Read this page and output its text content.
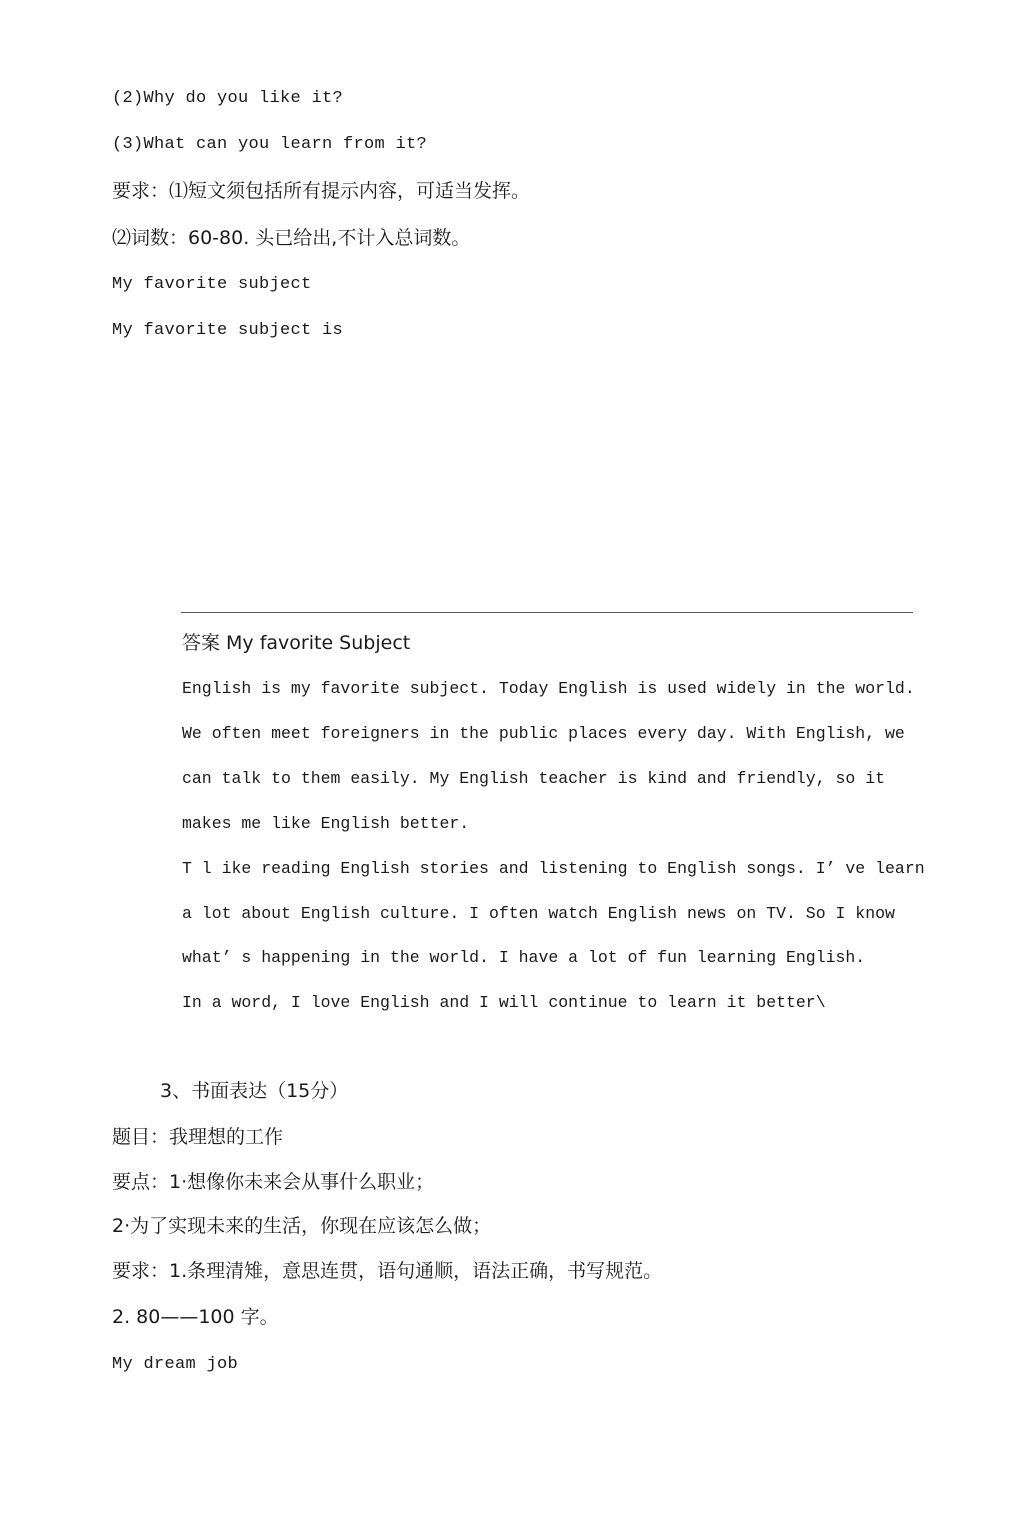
(2)Why do you like it?
(3)What can you learn from it?
要求：⑴短文须包括所有提示内容，可适当发挥。
⑵词数：60-80. 头已给出,不计入总词数。
My favorite subject
My favorite subject is
答案 My favorite Subject
English is my favorite subject. Today English is used widely in the world.
We often meet foreigners in the public places every day. With English, we
can talk to them easily. My English teacher is kind and friendly, so it
makes me like English better.
T l ike reading English stories and listening to English songs. I’ ve learn
a lot about English culture. I often watch English news on TV. So I know
what’ s happening in the world. I have a lot of fun learning English.
In a word, I love English and I will continue to learn it better\
3、书面表达（15分）
题目：我理想的工作
要点：1·想像你未来会从事什么职业；
2·为了实现未来的生活，你现在应该怎么做；
要求：1.条理清雉，意思连贯，语句通顺，语法正确，书写规范。
2. 80——100 字。
My dream job
